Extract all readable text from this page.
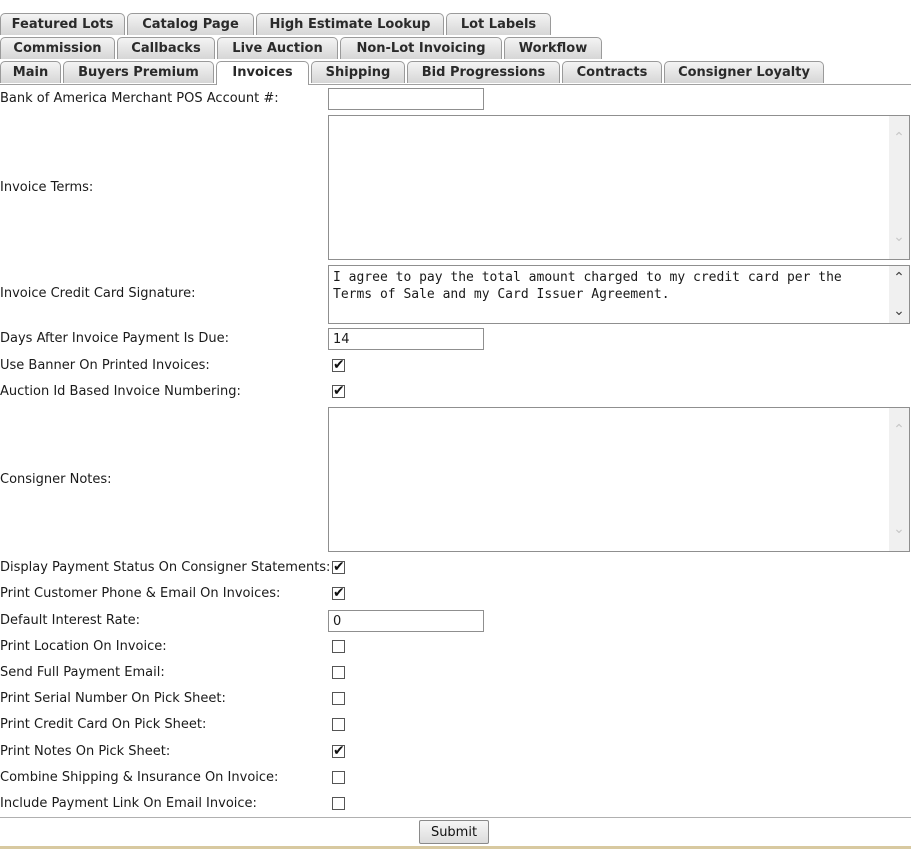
Featured Lots	Catalog Page	High Estimate Lookup	Lot Labels
Commission	Callbacks	Live Auction	Non-Lot Invoicing	Workflow
Main	Buyers Premium	Invoices	Shipping	Bid Progressions	Contracts	Consigner Loyalty
Bank of America Merchant POS Account #:
Invoice Terms:
⌃
⌄
Invoice Credit Card Signature:
I agree to pay the total amount charged to my credit card per the Terms of Sale and my Card Issuer Agreement.
⌃
⌄
Days After Invoice Payment Is Due:
14
Use Banner On Printed Invoices:	✔
Auction Id Based Invoice Numbering:	✔
Consigner Notes:
⌃
⌄
Display Payment Status On Consigner Statements: ✔
Print Customer Phone & Email On Invoices:	✔
Default Interest Rate:
0
Print Location On Invoice:
Send Full Payment Email:
Print Serial Number On Pick Sheet:
Print Credit Card On Pick Sheet:
Print Notes On Pick Sheet:	✔
Combine Shipping & Insurance On Invoice:
Include Payment Link On Email Invoice:
Submit
